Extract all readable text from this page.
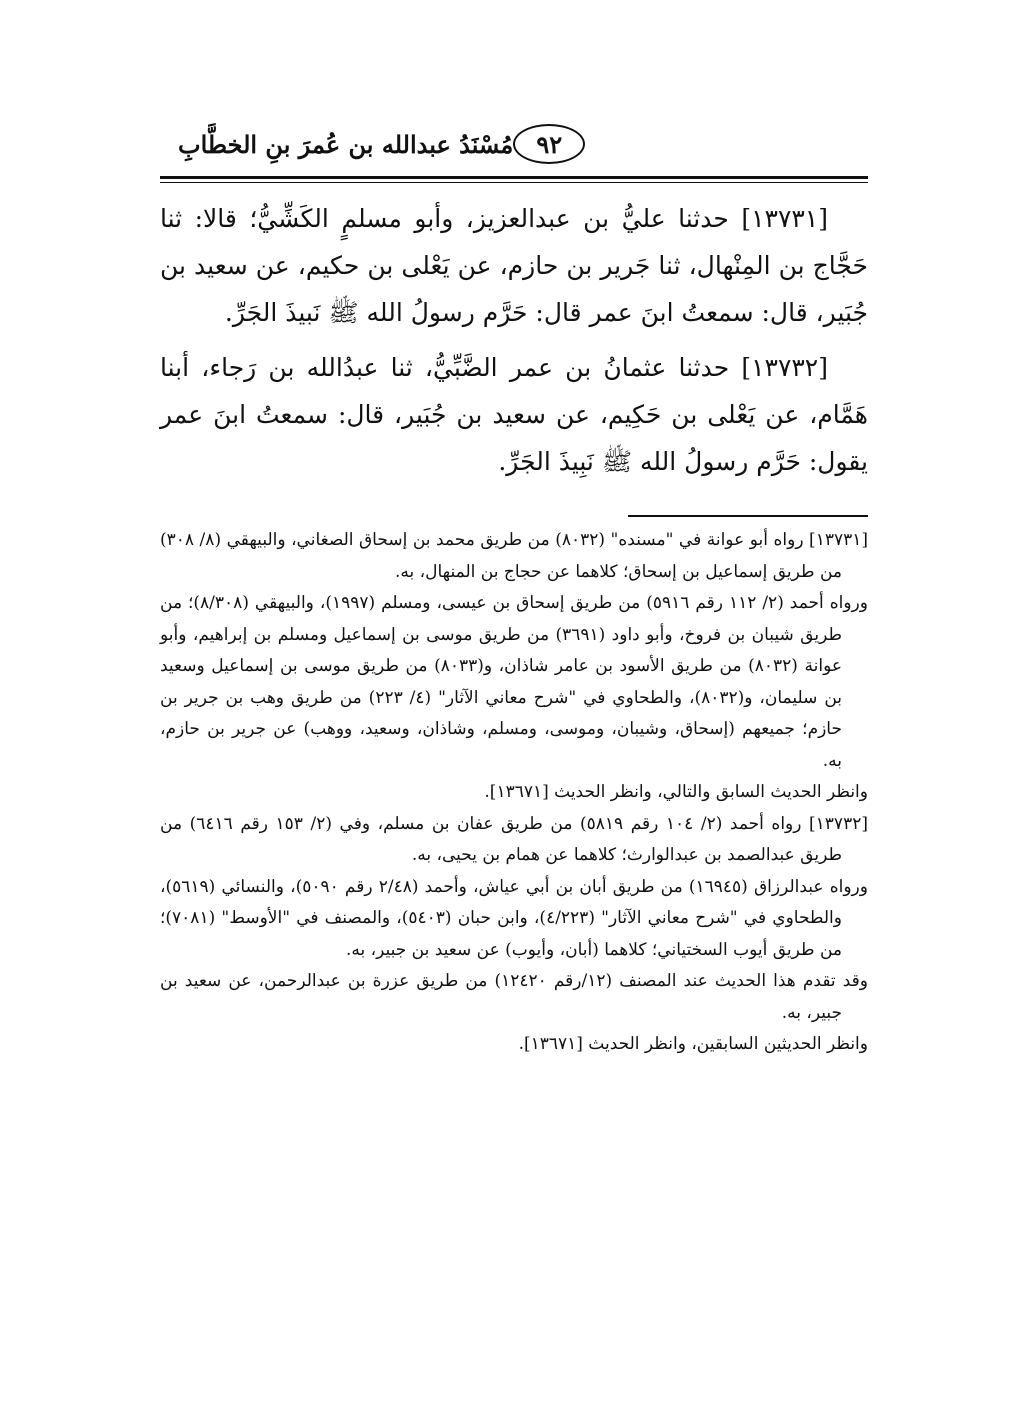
٩٢
مُسْنَدُ عبدالله بن عُمرَ بنِ الخطَّابِ

[١٣٧٣١] حدثنا عليُّ بن عبدالعزيز، وأبو مسلمٍ الكَشِّيُّ؛ قالا: ثنا حَجَّاج بن المِنْهال، ثنا جَرير بن حازم، عن يَعْلى بن حكيم، عن سعيد بن جُبَير، قال: سمعتُ ابنَ عمر قال: حَرَّم رسولُ الله ﷺ نَبيذَ الجَرِّ.

[١٣٧٣٢] حدثنا عثمانُ بن عمر الضَّبِّيُّ، ثنا عبدُالله بن رَجاء، أبنا هَمَّام، عن يَعْلى بن حَكِيم، عن سعيد بن جُبَير، قال: سمعتُ ابنَ عمر يقول: حَرَّم رسولُ الله ﷺ نَبِيذَ الجَرِّ.

[١٣٧٣١] رواه أبو عوانة في "مسنده" (٨٠٣٢) من طريق محمد بن إسحاق الصغاني، والبيهقي (٨/ ٣٠٨) من طريق إسماعيل بن إسحاق؛ كلاهما عن حجاج بن المنهال، به.

ورواه أحمد (٢/ ١١٢ رقم ٥٩١٦) من طريق إسحاق بن عيسى، ومسلم (١٩٩٧)، والبيهقي (٨/٣٠٨)؛ من طريق شيبان بن فروخ، وأبو داود (٣٦٩١) من طريق موسى بن إسماعيل ومسلم بن إبراهيم، وأبو عوانة (٨٠٣٢) من طريق الأسود بن عامر شاذان، و(٨٠٣٣) من طريق موسى بن إسماعيل وسعيد بن سليمان، و(٨٠٣٢)، والطحاوي في "شرح معاني الآثار" (٤/ ٢٢٣) من طريق وهب بن جرير بن حازم؛ جميعهم (إسحاق، وشيبان، وموسى، ومسلم، وشاذان، وسعيد، ووهب) عن جرير بن حازم، به.

وانظر الحديث السابق والتالي، وانظر الحديث [١٣٦٧١].

[١٣٧٣٢] رواه أحمد (٢/ ١٠٤ رقم ٥٨١٩) من طريق عفان بن مسلم، وفي (٢/ ١٥٣ رقم ٦٤١٦) من طريق عبدالصمد بن عبدالوارث؛ كلاهما عن همام بن يحيى، به.

ورواه عبدالرزاق (١٦٩٤٥) من طريق أبان بن أبي عياش، وأحمد (٢/٤٨ رقم ٥٠٩٠)، والنسائي (٥٦١٩)، والطحاوي في "شرح معاني الآثار" (٤/٢٢٣)، وابن حبان (٥٤٠٣)، والمصنف في "الأوسط" (٧٠٨١)؛ من طريق أيوب السختياني؛ كلاهما (أبان، وأيوب) عن سعيد بن جبير، به.

وقد تقدم هذا الحديث عند المصنف (١٢/رقم ١٢٤٢٠) من طريق عزرة بن عبدالرحمن، عن سعيد بن جبير، به.

وانظر الحديثين السابقين، وانظر الحديث [١٣٦٧١].
